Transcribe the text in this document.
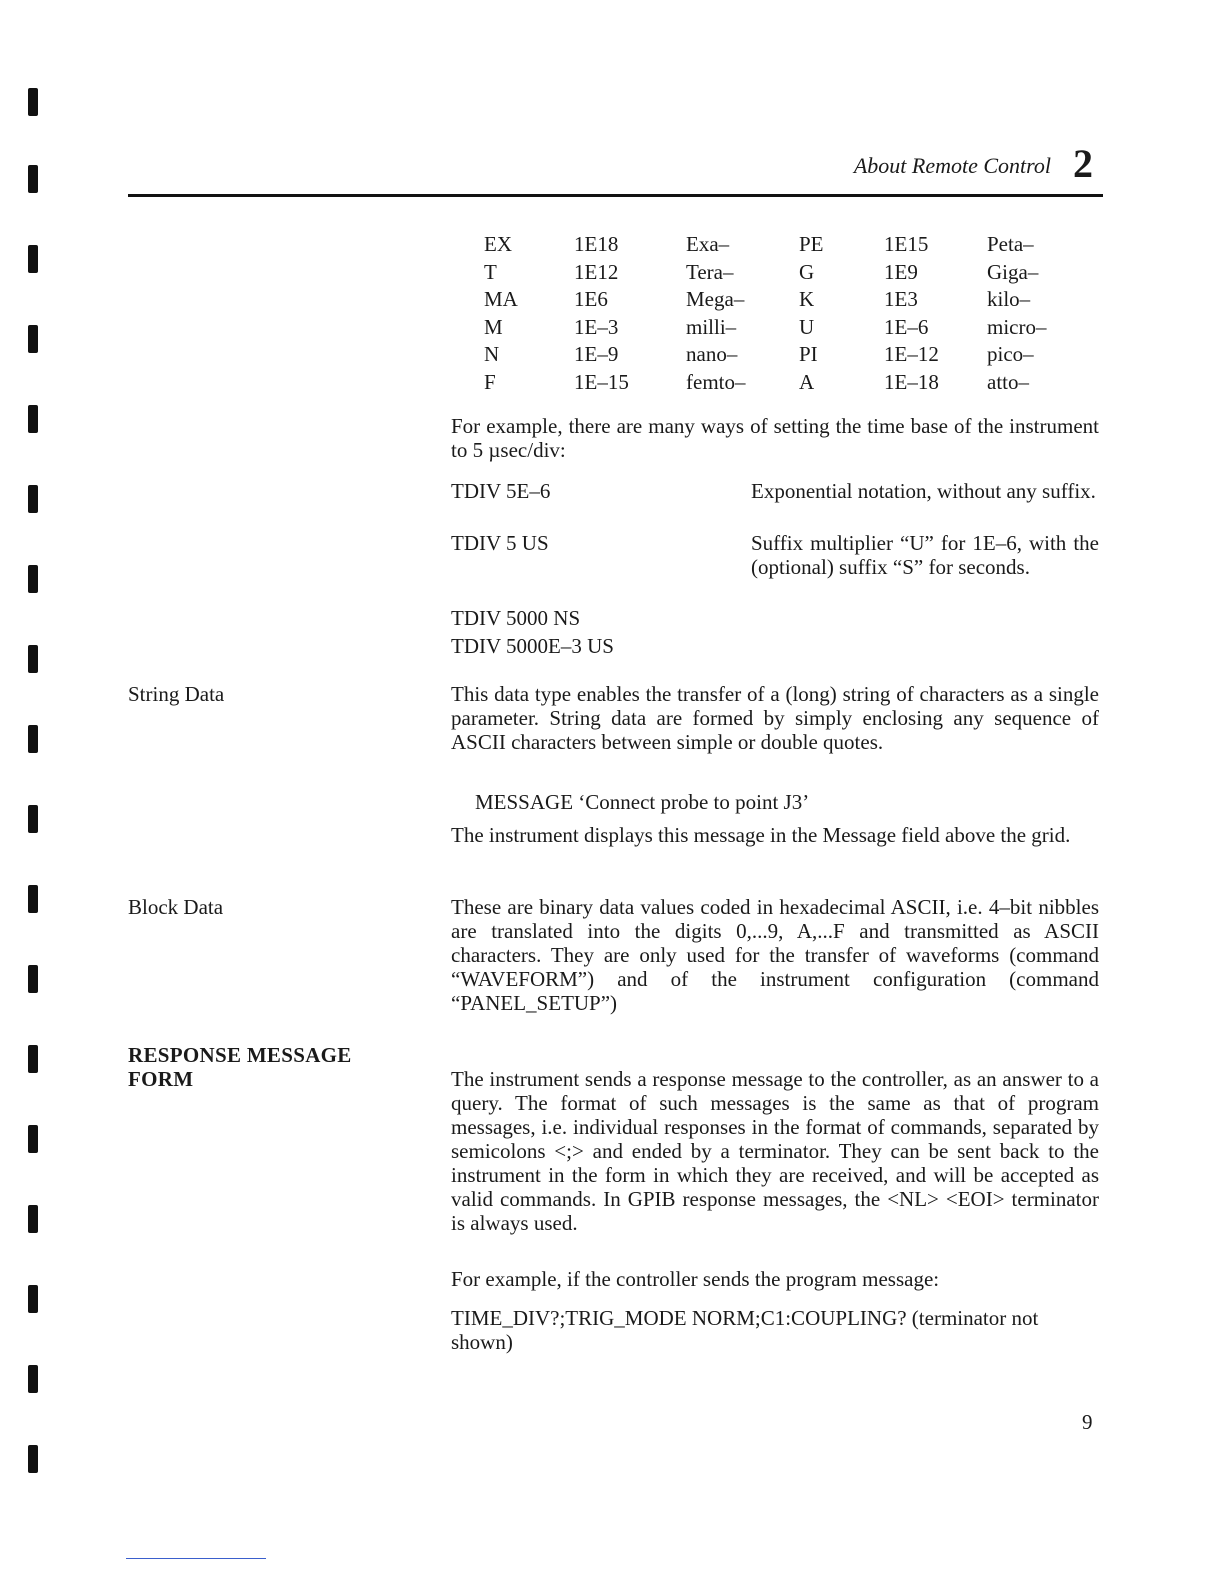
About Remote Control 2
EX	1E18	Exa–	PE	1E15	Peta–
T	1E12	Tera–	G	1E9	Giga–
MA	1E6	Mega–	K	1E3	kilo–
M	1E–3	milli–	U	1E–6	micro–
N	1E–9	nano–	PI	1E–12	pico–
F	1E–15	femto–	A	1E–18	atto–
For example, there are many ways of setting the time base of the instrument to 5 µsec/div:
TDIV 5E–6	Exponential notation, without any suffix.
TDIV 5 US	Suffix multiplier “U” for 1E–6, with the (optional) suffix “S” for seconds.
TDIV 5000 NS
TDIV 5000E–3 US
String Data	This data type enables the transfer of a (long) string of characters as a single parameter. String data are formed by simply enclosing any sequence of ASCII characters between simple or double quotes.
MESSAGE ‘Connect probe to point J3’
The instrument displays this message in the Message field above the grid.
Block Data	These are binary data values coded in hexadecimal ASCII, i.e. 4–bit nibbles are translated into the digits 0,...9, A,...F and transmitted as ASCII characters. They are only used for the transfer of waveforms (command “WAVEFORM”) and of the instrument configuration (command “PANEL_SETUP”)
RESPONSE MESSAGE
FORM	The instrument sends a response message to the controller, as an answer to a query. The format of such messages is the same as that of program messages, i.e. individual responses in the format of commands, separated by semicolons <;> and ended by a terminator. They can be sent back to the instrument in the form in which they are received, and will be accepted as valid commands. In GPIB response messages, the <NL> <EOI> terminator is always used.
For example, if the controller sends the program message:
TIME_DIV?;TRIG_MODE NORM;C1:COUPLING? (terminator not shown)
9
